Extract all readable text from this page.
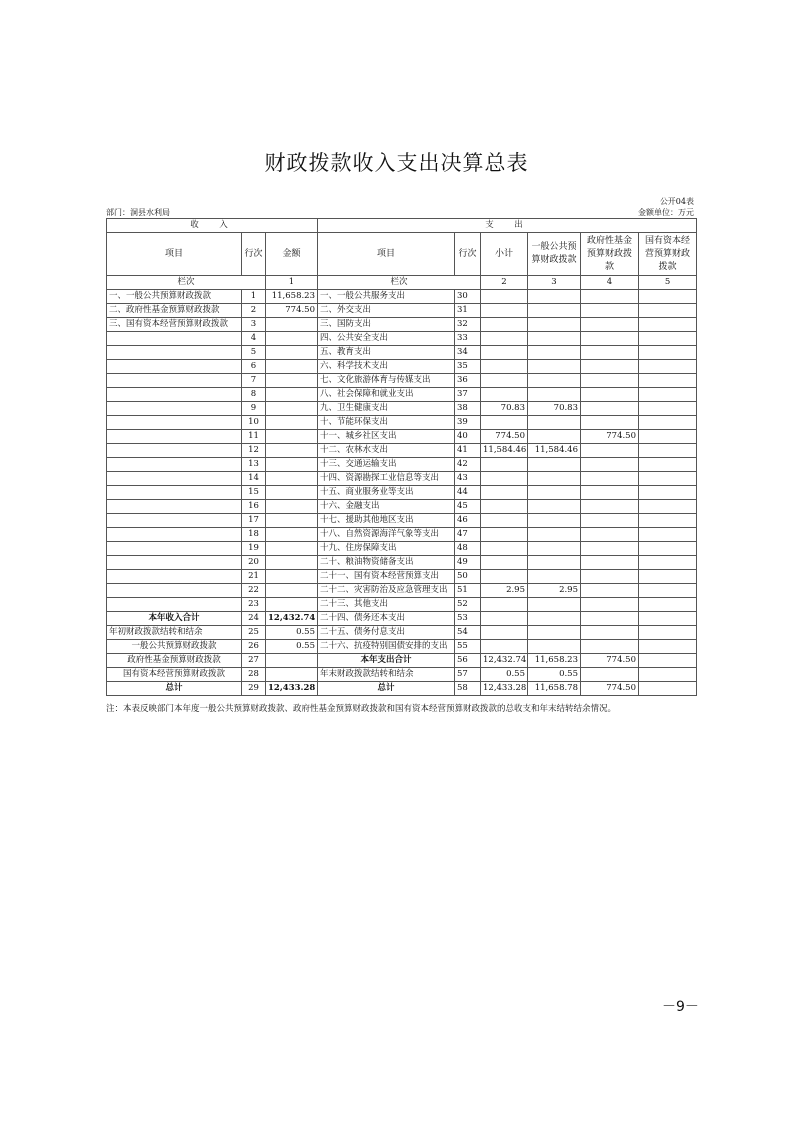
财政拨款收入支出决算总表
公开04表
部门：洞县水利局	金额单位：万元
收　入			支　出					
项目	行次	金额	项目	行次	小计	一般公共预算财政拨款	政府性基金预算财政拨款	国有资本经营预算财政拨款
栏次		1	栏次		2	3	4	5
一、一般公共预算财政拨款	1	11,658.23	一、一般公共服务支出	30				
二、政府性基金预算财政拨款	2	774.50	二、外交支出	31				
三、国有资本经营预算财政拨款	3		三、国防支出	32				
	4		四、公共安全支出	33				
	5		五、教育支出	34				
	6		六、科学技术支出	35				
	7		七、文化旅游体育与传媒支出	36				
	8		八、社会保障和就业支出	37				
	9		九、卫生健康支出	38	70.83	70.83		
	10		十、节能环保支出	39				
	11		十一、城乡社区支出	40	774.50		774.50	
	12		十二、农林水支出	41	11,584.46	11,584.46		
	13		十三、交通运输支出	42				
	14		十四、资源勘探工业信息等支出	43				
	15		十五、商业服务业等支出	44				
	16		十六、金融支出	45				
	17		十七、援助其他地区支出	46				
	18		十八、自然资源海洋气象等支出	47				
	19		十九、住房保障支出	48				
	20		二十、粮油物资储备支出	49				
	21		二十一、国有资本经营预算支出	50				
	22		二十二、灾害防治及应急管理支出	51	2.95	2.95		
	23		二十三、其他支出	52				
本年收入合计	24	12,432.74	二十四、债务还本支出	53				
年初财政拨款结转和结余	25	0.55	二十五、债务付息支出	54				
一般公共预算财政拨款	26	0.55	二十六、抗疫特别国债安排的支出	55				
政府性基金预算财政拨款	27		本年支出合计	56	12,432.74	11,658.23	774.50	
国有资本经营预算财政拨款	28		年末财政拨款结转和结余	57	0.55	0.55		
总计	29	12,433.28	总计	58	12,433.28	11,658.78	774.50	
注：本表反映部门本年度一般公共预算财政拨款、政府性基金预算财政拨款和国有资本经营预算财政拨款的总收支和年末结转结余情况。
－9－
